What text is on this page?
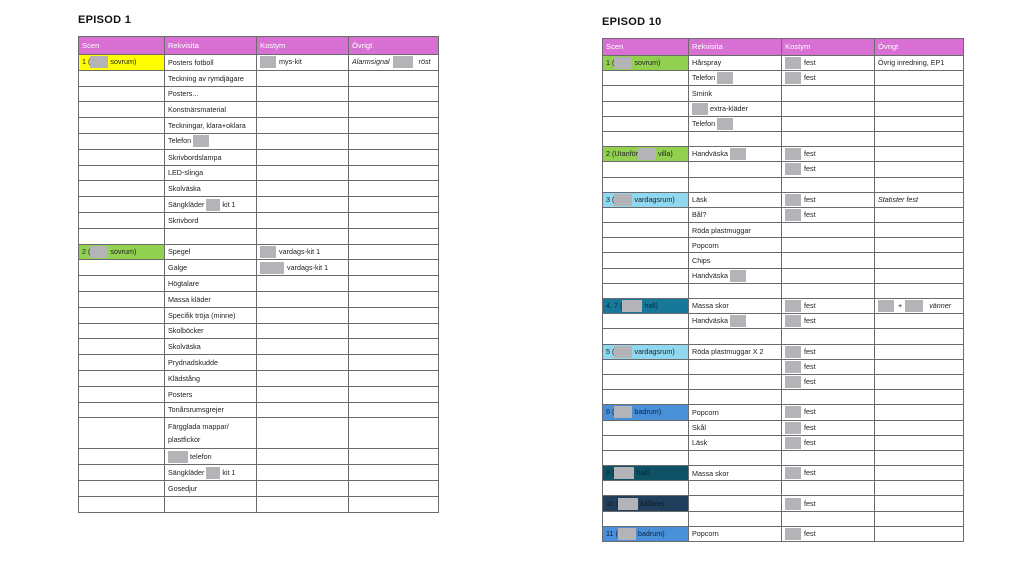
EPISOD 1
Scen	Rekvisita	Kostym	Övrigt
1 ( sovrum)	Posters fotboll	mys-kit	Alarmsignal röst
	Teckning av rymdjägare		
	Posters...		
	Konstnärsmaterial		
	Teckningar, klara+oklara		
	Telefon		
	Skrivbordslampa		
	LED-slinga		
	Skolväska		
	Sängkläder kit 1		
	Skrivbord		

2 ( sovrum)	Spegel	vardags-kit 1	
	Galge	vardags-kit 1	
	Högtalare		
	Massa kläder		
	Specifik tröja (minne)		
	Skolböcker		
	Skolväska		
	Prydnadskudde		
	Klädstång		
	Posters		
	Tonårsrumsgrejer		
	Färgglada mappar/ plastfickor		
	telefon		
	Sängkläder kit 1		
	Gosedjur		

EPISOD 10
Scen	Rekvisita	Kostym	Övrigt
1 ( sovrum)	Hårspray	fest	Övrig inredning, EP1
	Telefon	fest	
	Smink		
	extra-kläder		
	Telefon		

2 (Utanför villa)	Handväska	fest	
		fest	

3 ( vardagsrum)	Läsk	fest	Statister fest
	Bål?	fest	
	Röda plastmuggar		
	Popcorn		
	Chips		
	Handväska		

4, 7 ( hall)	Massa skor	fest	+ vänner
	Handväska	fest	

5 ( vardagsrum)	Röda plastmuggar X 2	fest	
		fest	
		fest	

6 ( badrum)	Popcorn	fest	
	Skål	fest	
	Läsk	fest	

8 ( hall)	Massa skor	fest	

10 ( källare)		fest	

11 ( badrum)	Popcorn	fest	
